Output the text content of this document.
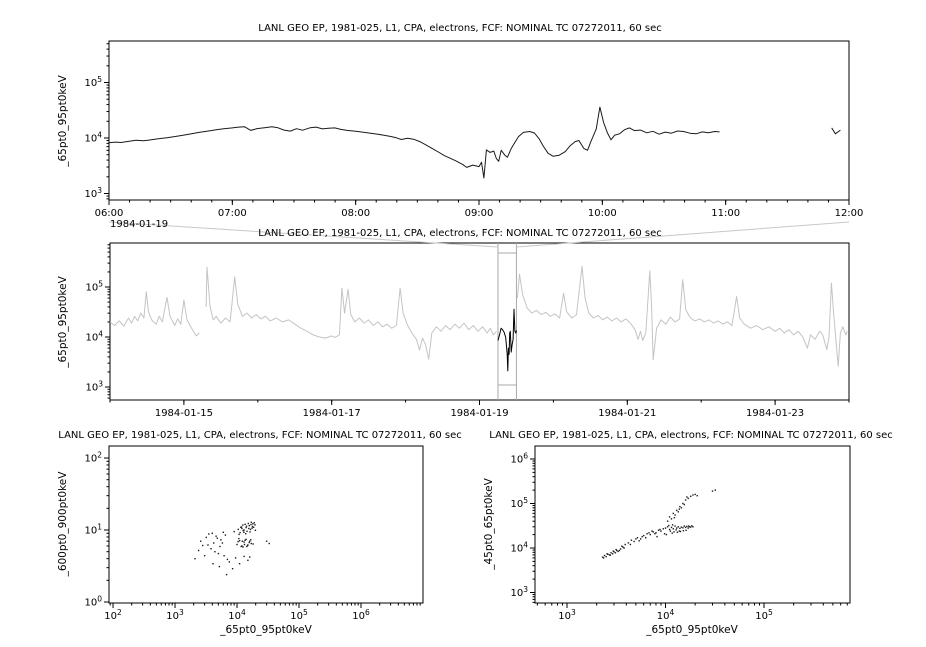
$10^3$
$10^4$
$10^5$
06:00	07:00	08:00	09:00	10:00	11:00	12:00
$10^3$
$10^4$
$10^5$
1984-01-15	1984-01-17	1984-01-19	1984-01-21	1984-01-23
$10^0$
$10^1$
$10^2$
$10^2$	$10^3$	$10^4$	$10^5$	$10^6$
$10^3$
$10^4$
$10^5$
$10^6$
$10^3$	$10^4$	$10^5$
LANL GEO EP, 1981-025, L1, CPA, electrons, FCF: NOMINAL TC 07272011, 60 sec
LANL GEO EP, 1981-025, L1, CPA, electrons, FCF: NOMINAL TC 07272011, 60 sec
LANL GEO EP, 1981-025, L1, CPA, electrons, FCF: NOMINAL TC 07272011, 60 sec	LANL GEO EP, 1981-025, L1, CPA, electrons, FCF: NOMINAL TC 07272011, 60 sec
_65pt0_95pt0keV
_65pt0_95pt0keV
_600pt0_900pt0keV	_45pt0_65pt0keV
1984-01-19
_65pt0_95pt0keV	_65pt0_95pt0keV
